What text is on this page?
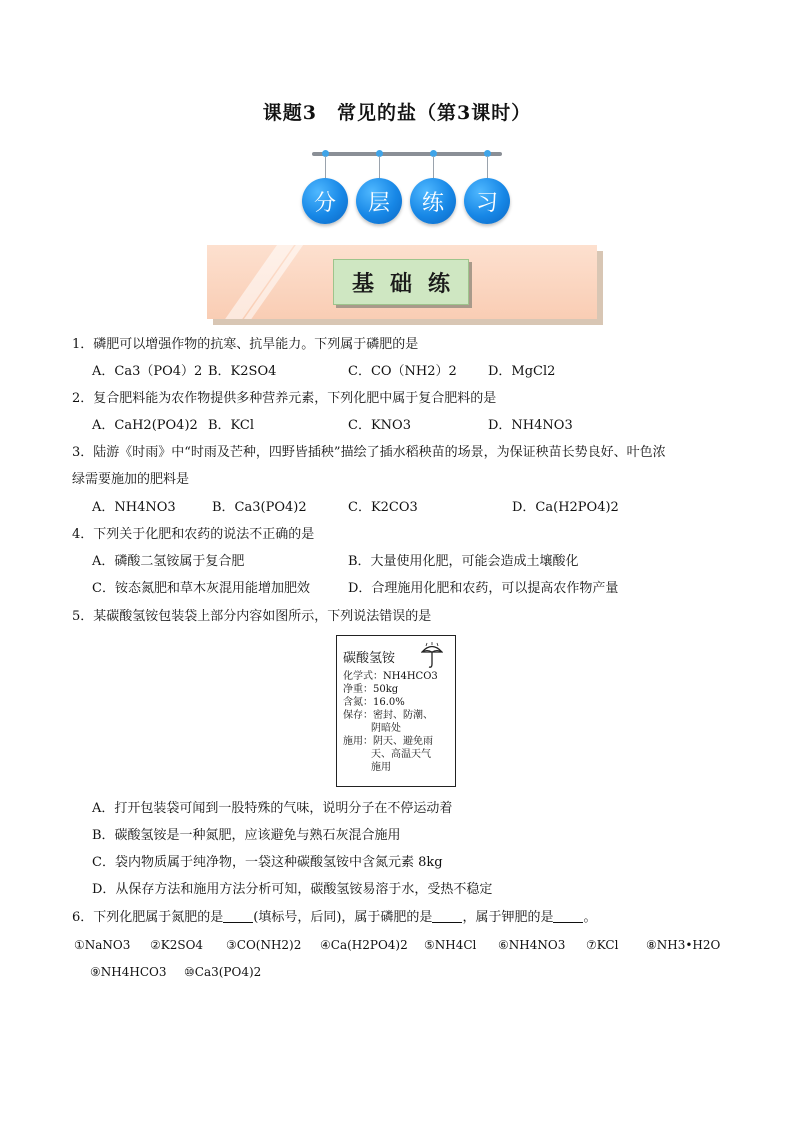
课题3　常见的盐（第3课时）
分	层	练	习
基 础 练
1．磷肥可以增强作物的抗寒、抗旱能力。下列属于磷肥的是
A．Ca3（PO4）2 B．K2SO4	C．CO（NH2）2 D．MgCl2
2．复合肥料能为农作物提供多种营养元素，下列化肥中属于复合肥料的是
A．CaH2(PO4)2 B．KCl	C．KNO3	D．NH4NO3
3．陆游《时雨》中“时雨及芒种，四野皆插秧”描绘了插水稻秧苗的场景，为保证秧苗长势良好、叶色浓
绿需要施加的肥料是
A．NH4NO3	B．Ca3(PO4)2	C．K2CO3	D．Ca(H2PO4)2
4．下列关于化肥和农药的说法不正确的是
A．磷酸二氢铵属于复合肥	B．大量使用化肥，可能会造成土壤酸化
C．铵态氮肥和草木灰混用能增加肥效	D．合理施用化肥和农药，可以提高农作物产量
5．某碳酸氢铵包装袋上部分内容如图所示，下列说法错误的是
碳酸氢铵
化学式：NH4HCO3
净重：50kg
含氮：16.0%
保存：密封、防潮、
阴暗处
施用：阴天、避免雨
天、高温天气
施用
A．打开包装袋可闻到一股特殊的气味，说明分子在不停运动着
B．碳酸氢铵是一种氮肥，应该避免与熟石灰混合施用
C．袋内物质属于纯净物，一袋这种碳酸氢铵中含氮元素 8kg
D．从保存方法和施用方法分析可知，碳酸氢铵易溶于水，受热不稳定
6．下列化肥属于氮肥的是 (填标号，后同)，属于磷肥的是 ，属于钾肥的是 。
①NaNO3 ②K2SO4 ③CO(NH2)2 ④Ca(H2PO4)2 ⑤NH4Cl ⑥NH4NO3 ⑦KCl ⑧NH3•H2O
⑨NH4HCO3 ⑩Ca3(PO4)2
